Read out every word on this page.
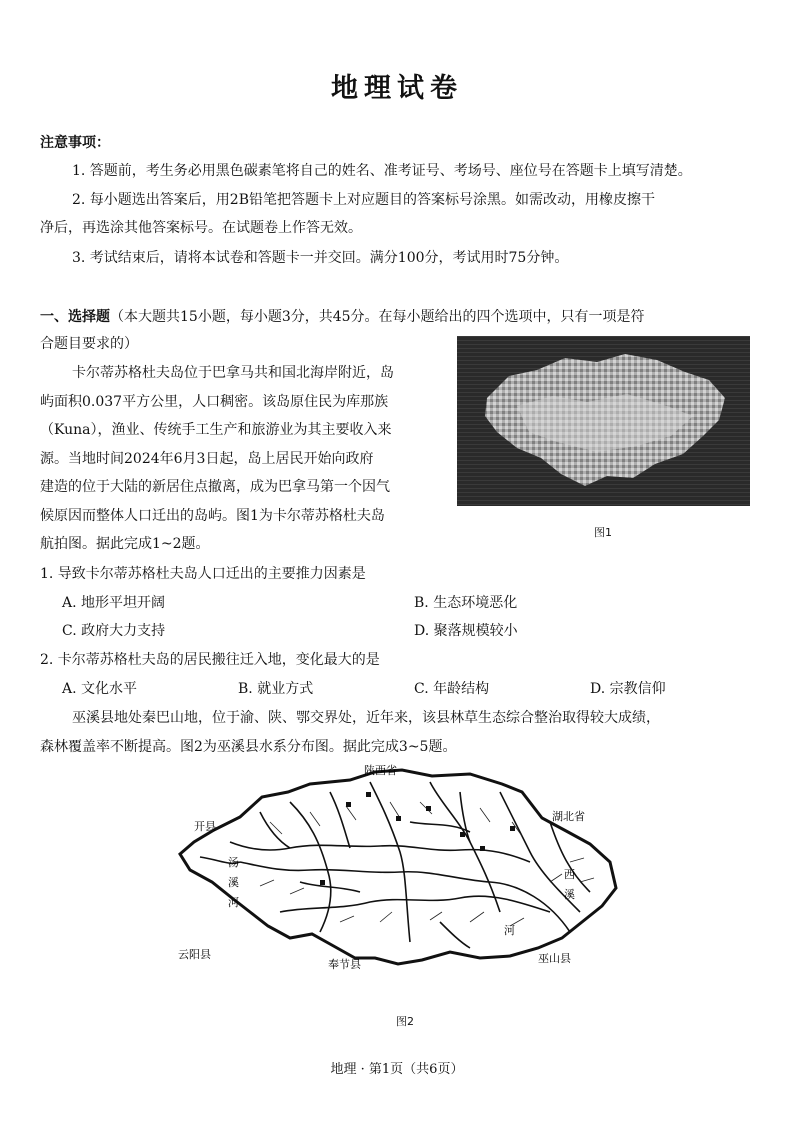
地理试卷
注意事项：
1. 答题前，考生务必用黑色碳素笔将自己的姓名、准考证号、考场号、座位号在答题卡上填写清楚。
2. 每小题选出答案后，用2B铅笔把答题卡上对应题目的答案标号涂黑。如需改动，用橡皮擦干
净后，再选涂其他答案标号。在试题卷上作答无效。
3. 考试结束后，请将本试卷和答题卡一并交回。满分100分，考试用时75分钟。
一、选择题（本大题共15小题，每小题3分，共45分。在每小题给出的四个选项中，只有一项是符
合题目要求的）
卡尔蒂苏格杜夫岛位于巴拿马共和国北海岸附近，岛
屿面积0.037平方公里，人口稠密。该岛原住民为库那族
（Kuna），渔业、传统手工生产和旅游业为其主要收入来
源。当地时间2024年6月3日起，岛上居民开始向政府
建造的位于大陆的新居住点撤离，成为巴拿马第一个因气
候原因而整体人口迁出的岛屿。图1为卡尔蒂苏格杜夫岛
航拍图。据此完成1~2题。
图1
1. 导致卡尔蒂苏格杜夫岛人口迁出的主要推力因素是
A. 地形平坦开阔	B. 生态环境恶化
C. 政府大力支持	D. 聚落规模较小
2. 卡尔蒂苏格杜夫岛的居民搬往迁入地，变化最大的是
A. 文化水平	B. 就业方式	C. 年龄结构	D. 宗教信仰
巫溪县地处秦巴山地，位于渝、陕、鄂交界处，近年来，该县林草生态综合整治取得较大成绩，
森林覆盖率不断提高。图2为巫溪县水系分布图。据此完成3~5题。
陕西省
湖北省
开县
云阳县
奉节县	巫山县
汤
溪
河
西
溪
河
图2
地理 · 第1页（共6页）
